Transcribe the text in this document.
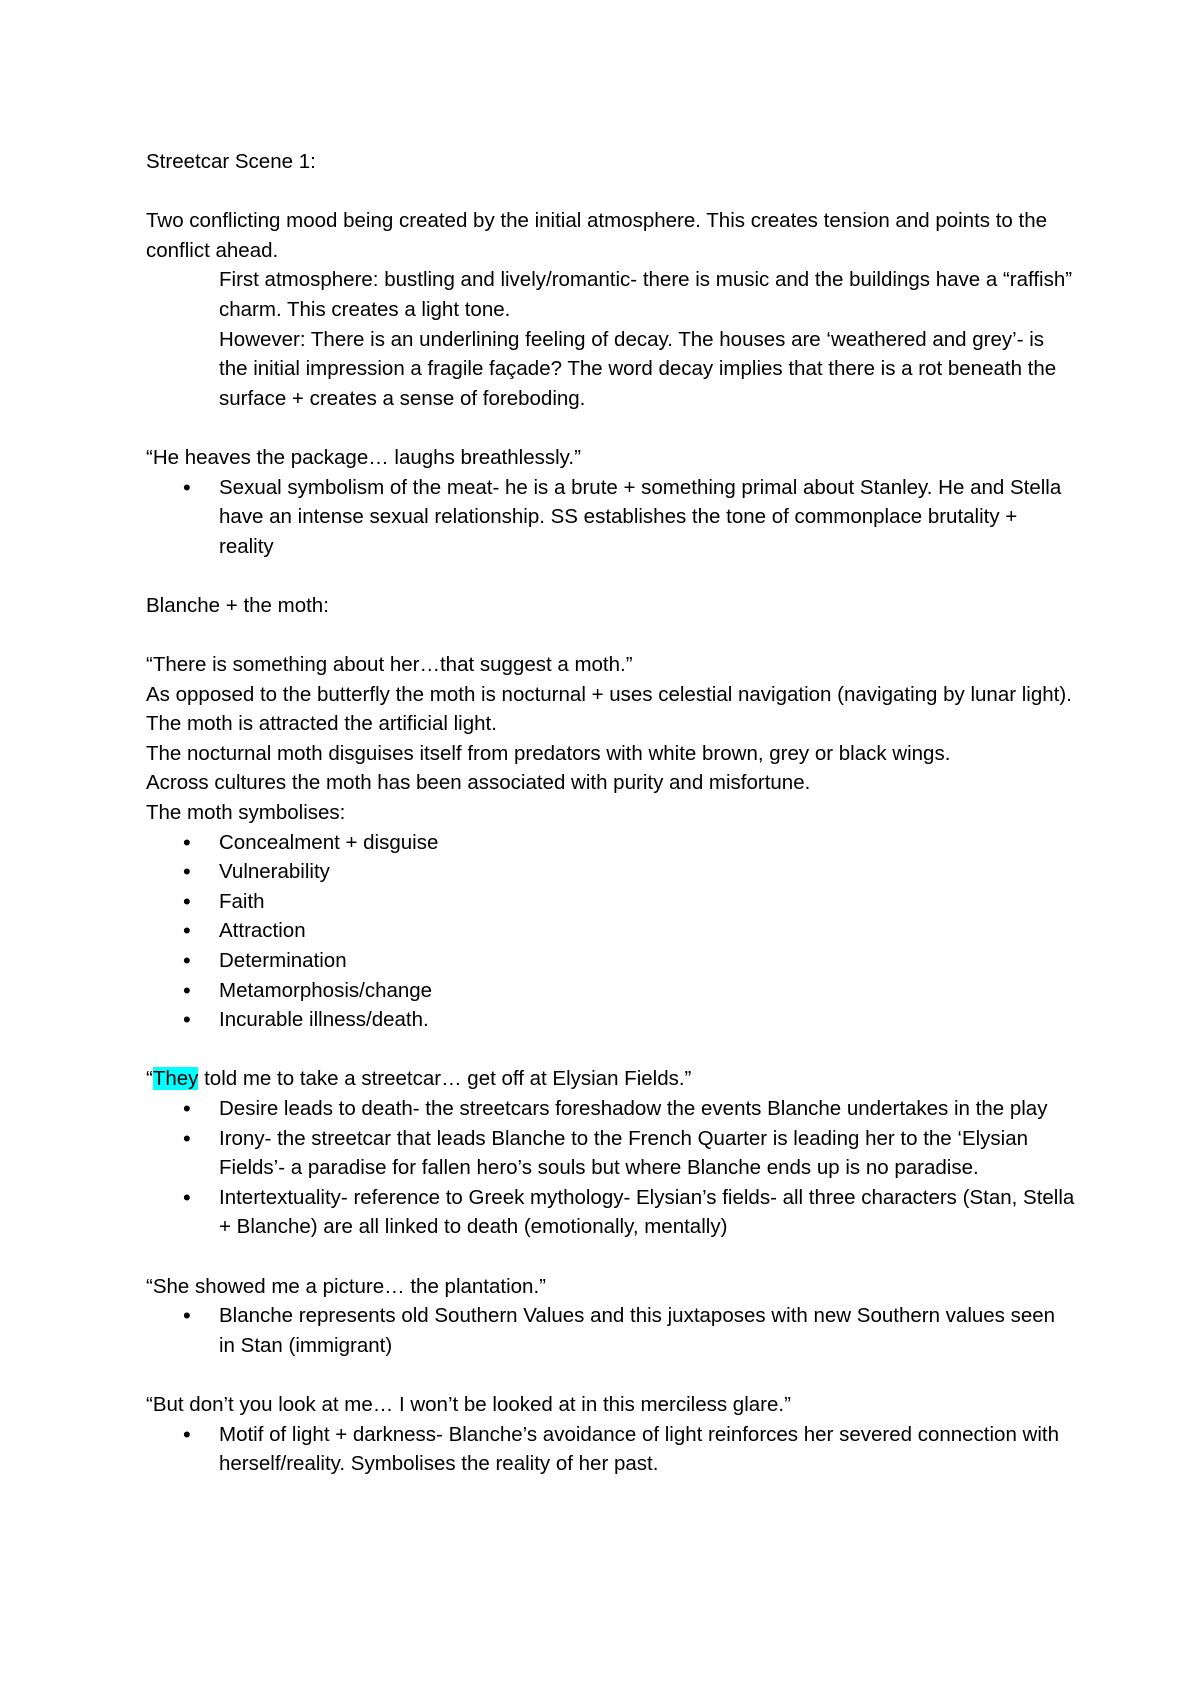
Streetcar Scene 1:

Two conflicting mood being created by the initial atmosphere. This creates tension and points to the conflict ahead.

First atmosphere: bustling and lively/romantic- there is music and the buildings have a “raffish” charm. This creates a light tone.

However: There is an underlining feeling of decay. The houses are ‘weathered and grey’- is the initial impression a fragile façade? The word decay implies that there is a rot beneath the surface + creates a sense of foreboding.

“He heaves the package… laughs breathlessly.”

• Sexual symbolism of the meat- he is a brute + something primal about Stanley. He and Stella have an intense sexual relationship. SS establishes the tone of commonplace brutality + reality

Blanche + the moth:

“There is something about her…that suggest a moth.”

As opposed to the butterfly the moth is nocturnal + uses celestial navigation (navigating by lunar light). The moth is attracted the artificial light.

The nocturnal moth disguises itself from predators with white brown, grey or black wings.

Across cultures the moth has been associated with purity and misfortune.

The moth symbolises:

• Concealment + disguise
• Vulnerability
• Faith
• Attraction
• Determination
• Metamorphosis/change
• Incurable illness/death.

“They told me to take a streetcar… get off at Elysian Fields.”

• Desire leads to death- the streetcars foreshadow the events Blanche undertakes in the play
• Irony- the streetcar that leads Blanche to the French Quarter is leading her to the ‘Elysian Fields’- a paradise for fallen hero’s souls but where Blanche ends up is no paradise.
• Intertextuality- reference to Greek mythology- Elysian’s fields- all three characters (Stan, Stella + Blanche) are all linked to death (emotionally, mentally)

“She showed me a picture… the plantation.”

• Blanche represents old Southern Values and this juxtaposes with new Southern values seen in Stan (immigrant)

“But don’t you look at me… I won’t be looked at in this merciless glare.”

• Motif of light + darkness- Blanche’s avoidance of light reinforces her severed connection with herself/reality. Symbolises the reality of her past.
